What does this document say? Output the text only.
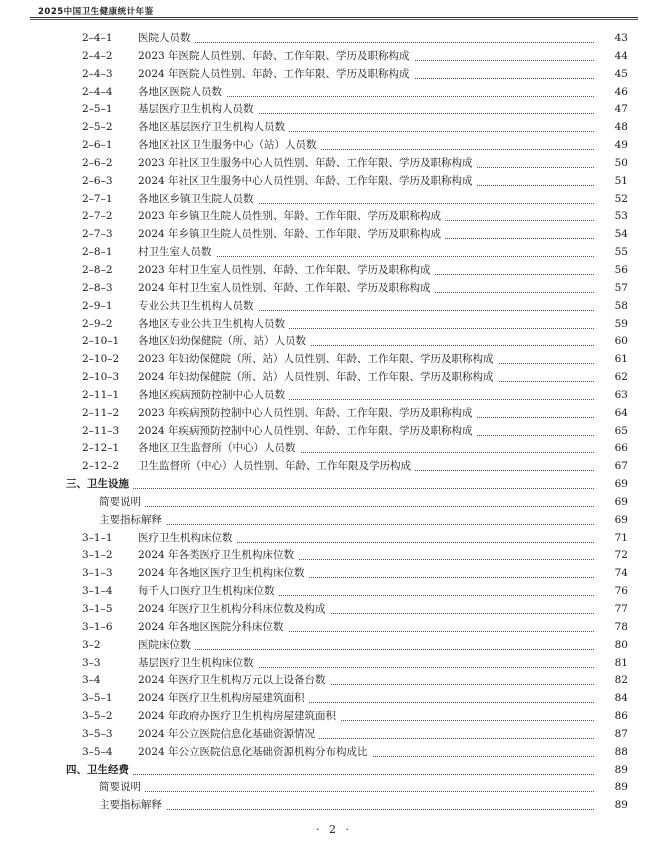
2025中国卫生健康统计年鉴
2–4–1 医院人员数	43
2–4–2 2023 年医院人员性别、年龄、工作年限、学历及职称构成	44
2–4–3 2024 年医院人员性别、年龄、工作年限、学历及职称构成	45
2–4–4 各地区医院人员数	46
2–5–1 基层医疗卫生机构人员数	47
2–5–2 各地区基层医疗卫生机构人员数	48
2–6–1 各地区社区卫生服务中心（站）人员数	49
2–6–2 2023 年社区卫生服务中心人员性别、年龄、工作年限、学历及职称构成	50
2–6–3 2024 年社区卫生服务中心人员性别、年龄、工作年限、学历及职称构成	51
2–7–1 各地区乡镇卫生院人员数	52
2–7–2 2023 年乡镇卫生院人员性别、年龄、工作年限、学历及职称构成	53
2–7–3 2024 年乡镇卫生院人员性别、年龄、工作年限、学历及职称构成	54
2–8–1 村卫生室人员数	55
2–8–2 2023 年村卫生室人员性别、年龄、工作年限、学历及职称构成	56
2–8–3 2024 年村卫生室人员性别、年龄、工作年限、学历及职称构成	57
2–9–1 专业公共卫生机构人员数	58
2–9–2 各地区专业公共卫生机构人员数	59
2–10–1 各地区妇幼保健院（所、站）人员数	60
2–10–2 2023 年妇幼保健院（所、站）人员性别、年龄、工作年限、学历及职称构成	61
2–10–3 2024 年妇幼保健院（所、站）人员性别、年龄、工作年限、学历及职称构成	62
2–11–1 各地区疾病预防控制中心人员数	63
2–11–2 2023 年疾病预防控制中心人员性别、年龄、工作年限、学历及职称构成	64
2–11–3 2024 年疾病预防控制中心人员性别、年龄、工作年限、学历及职称构成	65
2–12–1 各地区卫生监督所（中心）人员数	66
2–12–2 卫生监督所（中心）人员性别、年龄、工作年限及学历构成	67
三、卫生设施	69
简要说明	69
主要指标解释	69
3–1–1 医疗卫生机构床位数	71
3–1–2 2024 年各类医疗卫生机构床位数	72
3–1–3 2024 年各地区医疗卫生机构床位数	74
3–1–4 每千人口医疗卫生机构床位数	76
3–1–5 2024 年医疗卫生机构分科床位数及构成	77
3–1–6 2024 年各地区医院分科床位数	78
3–2	医院床位数	80
3–3	基层医疗卫生机构床位数	81
3–4	2024 年医疗卫生机构万元以上设备台数	82
3–5–1 2024 年医疗卫生机构房屋建筑面积	84
3–5–2 2024 年政府办医疗卫生机构房屋建筑面积	86
3–5–3 2024 年公立医院信息化基础资源情况	87
3–5–4 2024 年公立医院信息化基础资源机构分布构成比	88
四、卫生经费	89
简要说明	89
主要指标解释	89
· 2 ·
